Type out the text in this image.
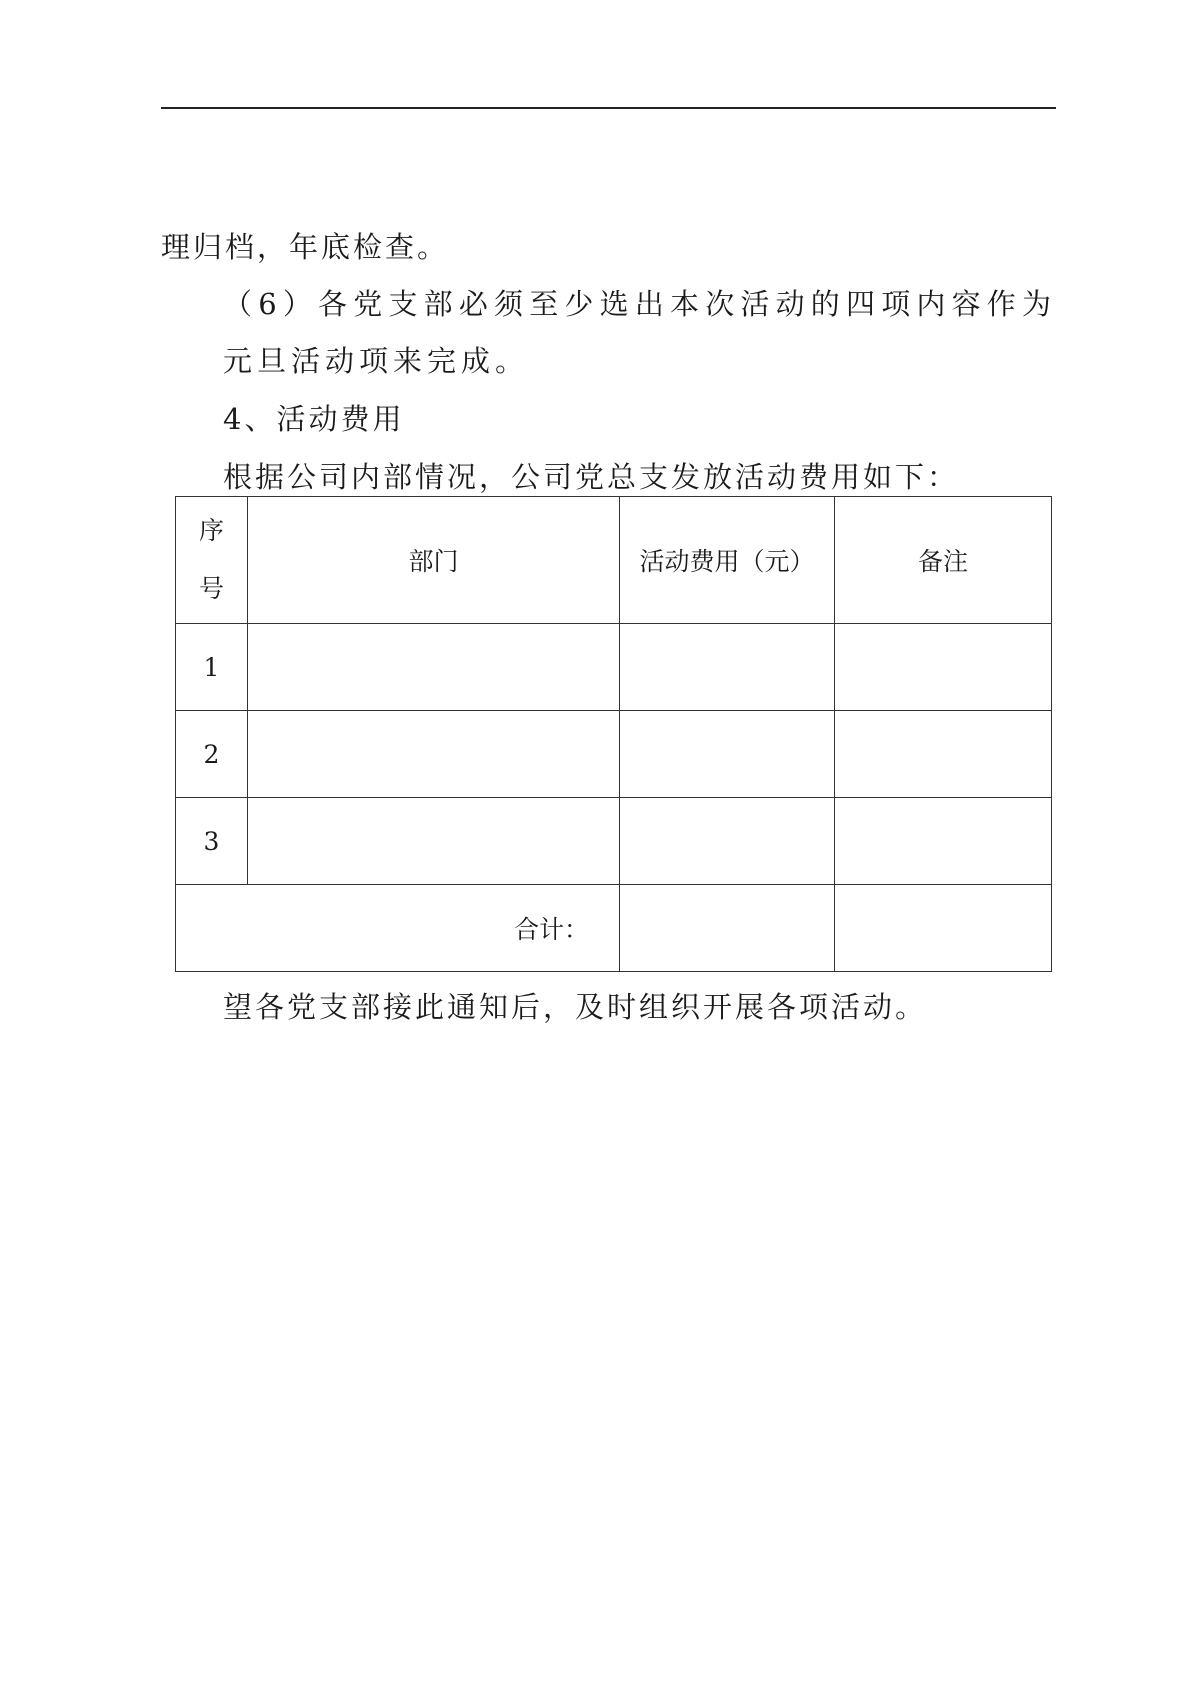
理归档，年底检查。
（6）各党支部必须至少选出本次活动的四项内容作为元旦活动项来完成。
4、活动费用
根据公司内部情况，公司党总支发放活动费用如下：
序
号	部门	活动费用（元）	备注
1			
2			
3			
合计：			
望各党支部接此通知后，及时组织开展各项活动。
